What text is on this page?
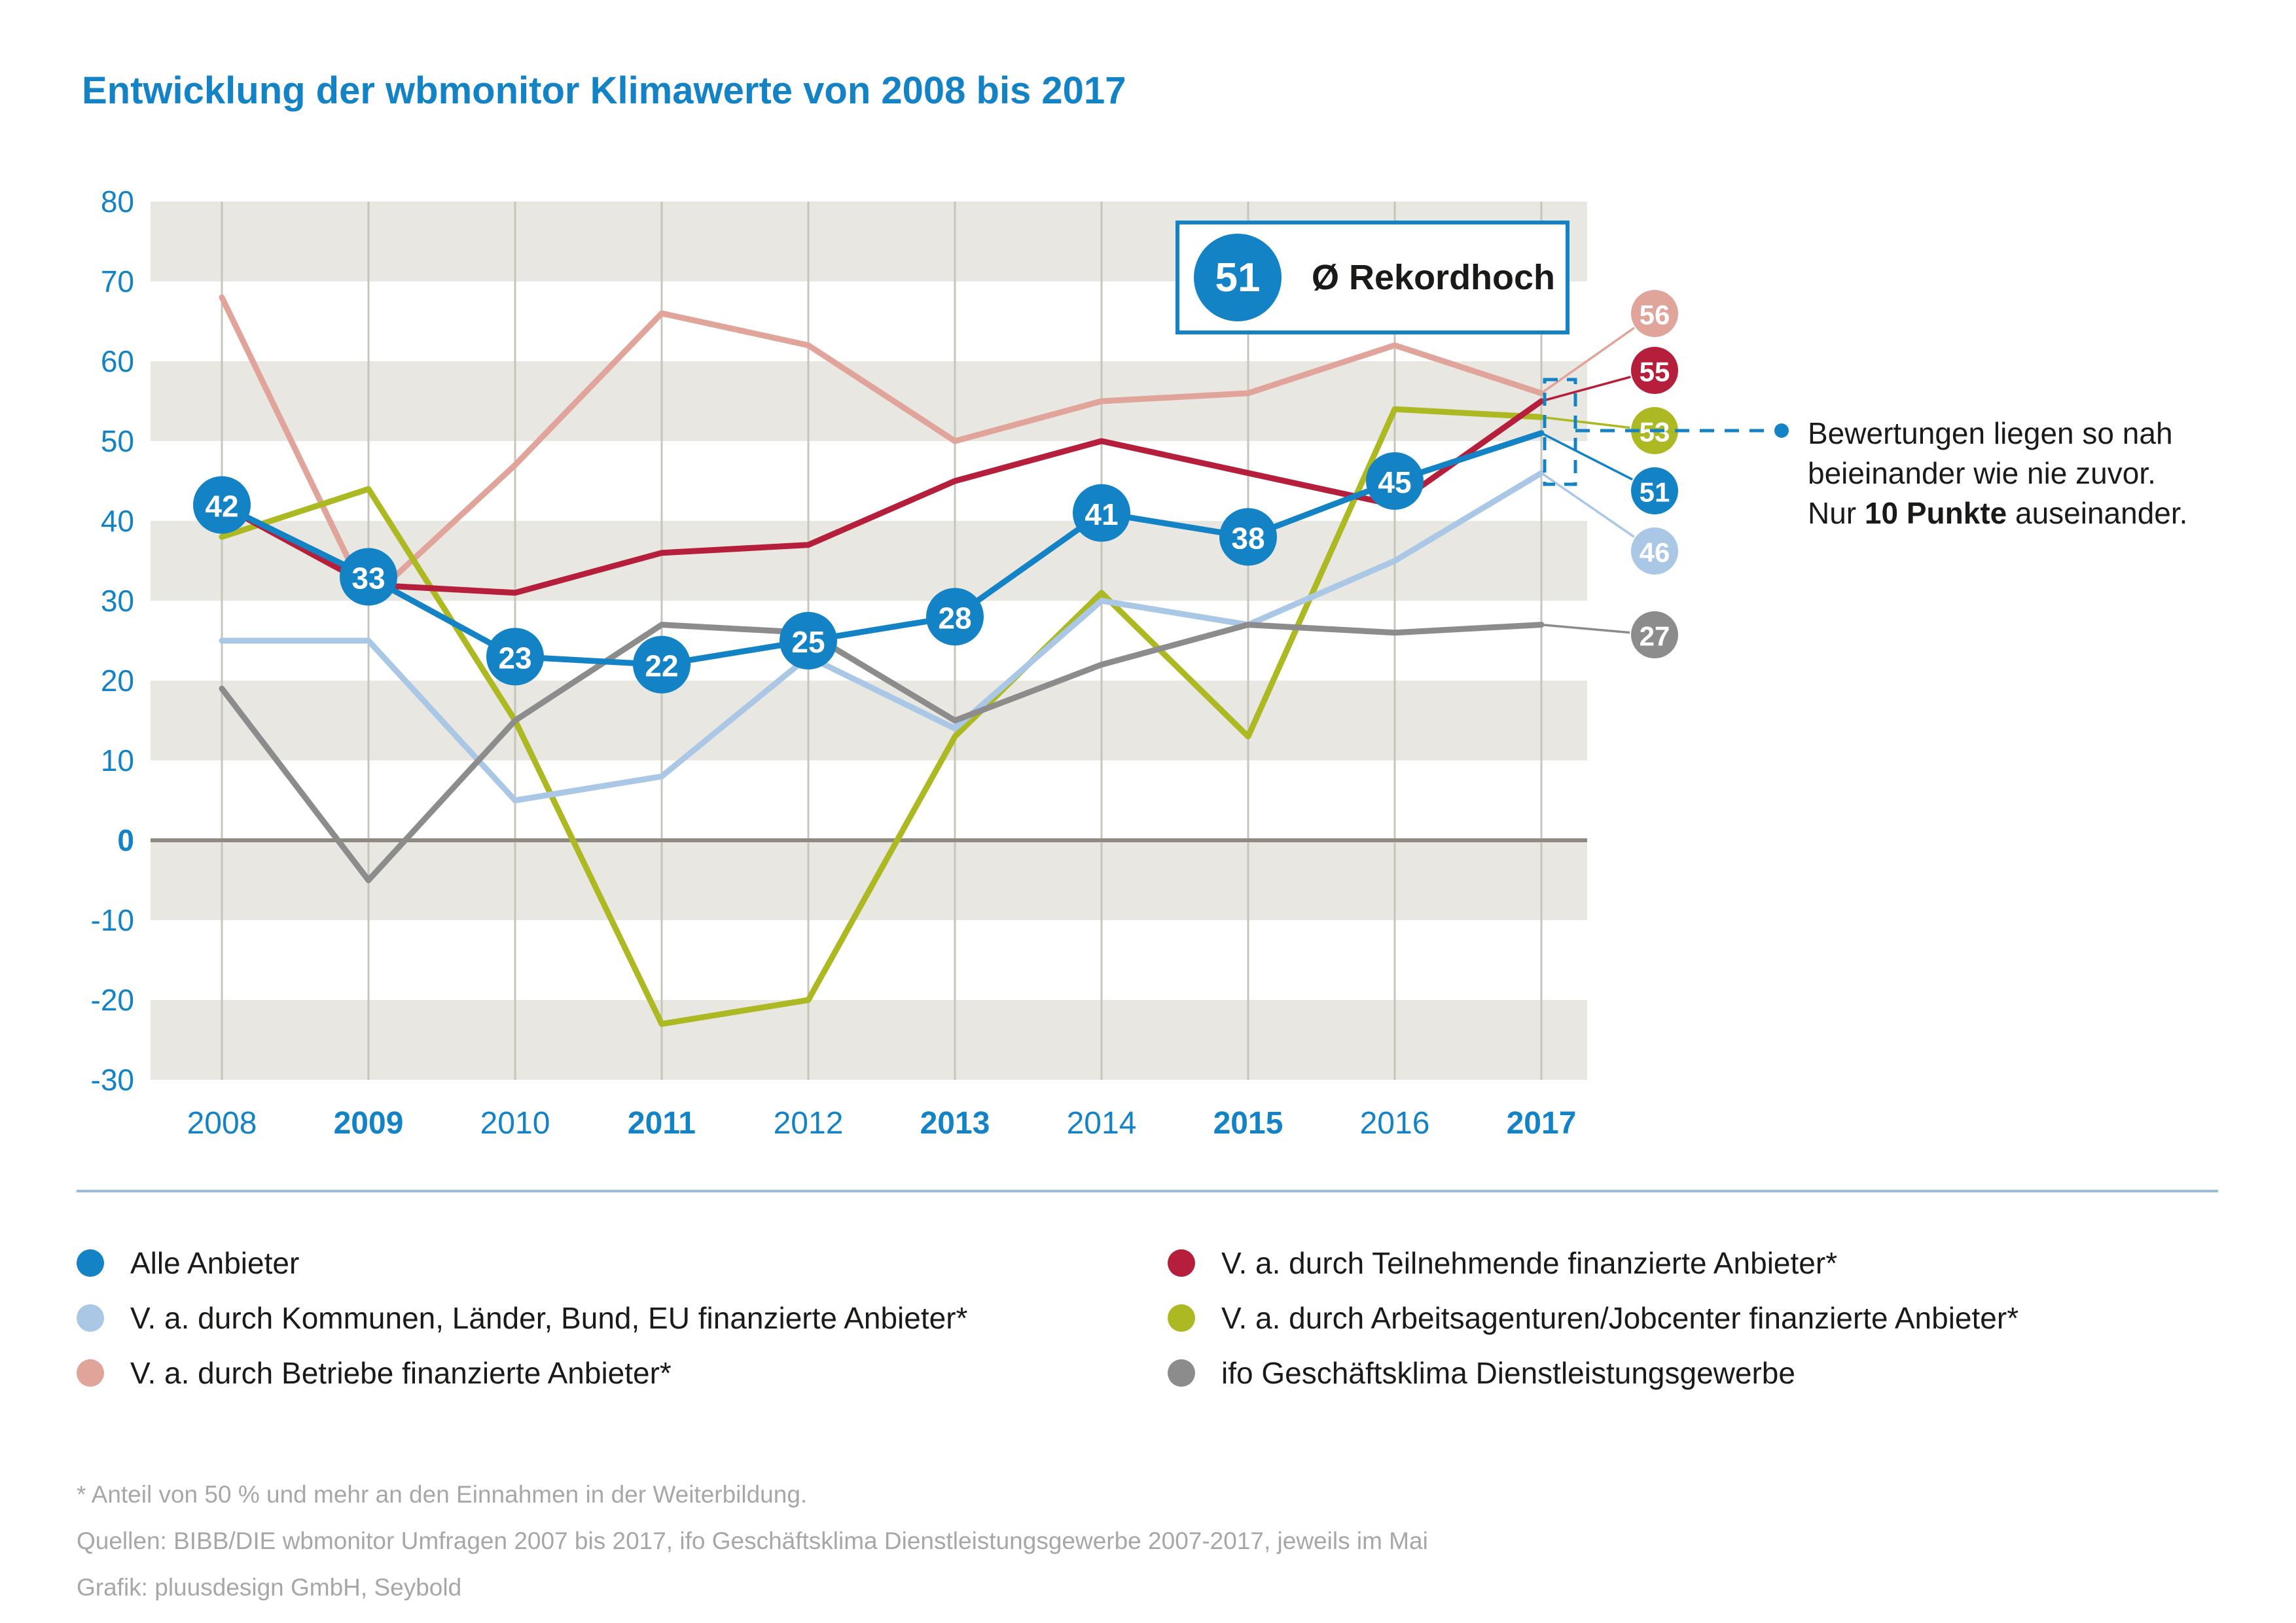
Entwicklung der wbmonitor Klimawerte von 2008 bis 2017
80
70
60
50
40
30
20
10
0
-10
-20
-30
2008 2009 2010 2011 2012 2013 2014 2015 2016 2017
56
55
53
51
46
27
42
33
23	22
25
28
41
38
45
51	Ø Rekordhoch
Bewertungen liegen so nah
beieinander wie nie zuvor.
Nur 10 Punkte auseinander.
Alle Anbieter
V. a. durch Kommunen, Länder, Bund, EU finanzierte Anbieter*
V. a. durch Betriebe finanzierte Anbieter*
V. a. durch Teilnehmende finanzierte Anbieter*
V. a. durch Arbeitsagenturen/Jobcenter finanzierte Anbieter*
ifo Geschäftsklima Dienstleistungsgewerbe
* Anteil von 50 % und mehr an den Einnahmen in der Weiterbildung.
Quellen: BIBB/DIE wbmonitor Umfragen 2007 bis 2017, ifo Geschäftsklima Dienstleistungsgewerbe 2007-2017, jeweils im Mai
Grafik: pluusdesign GmbH, Seybold
